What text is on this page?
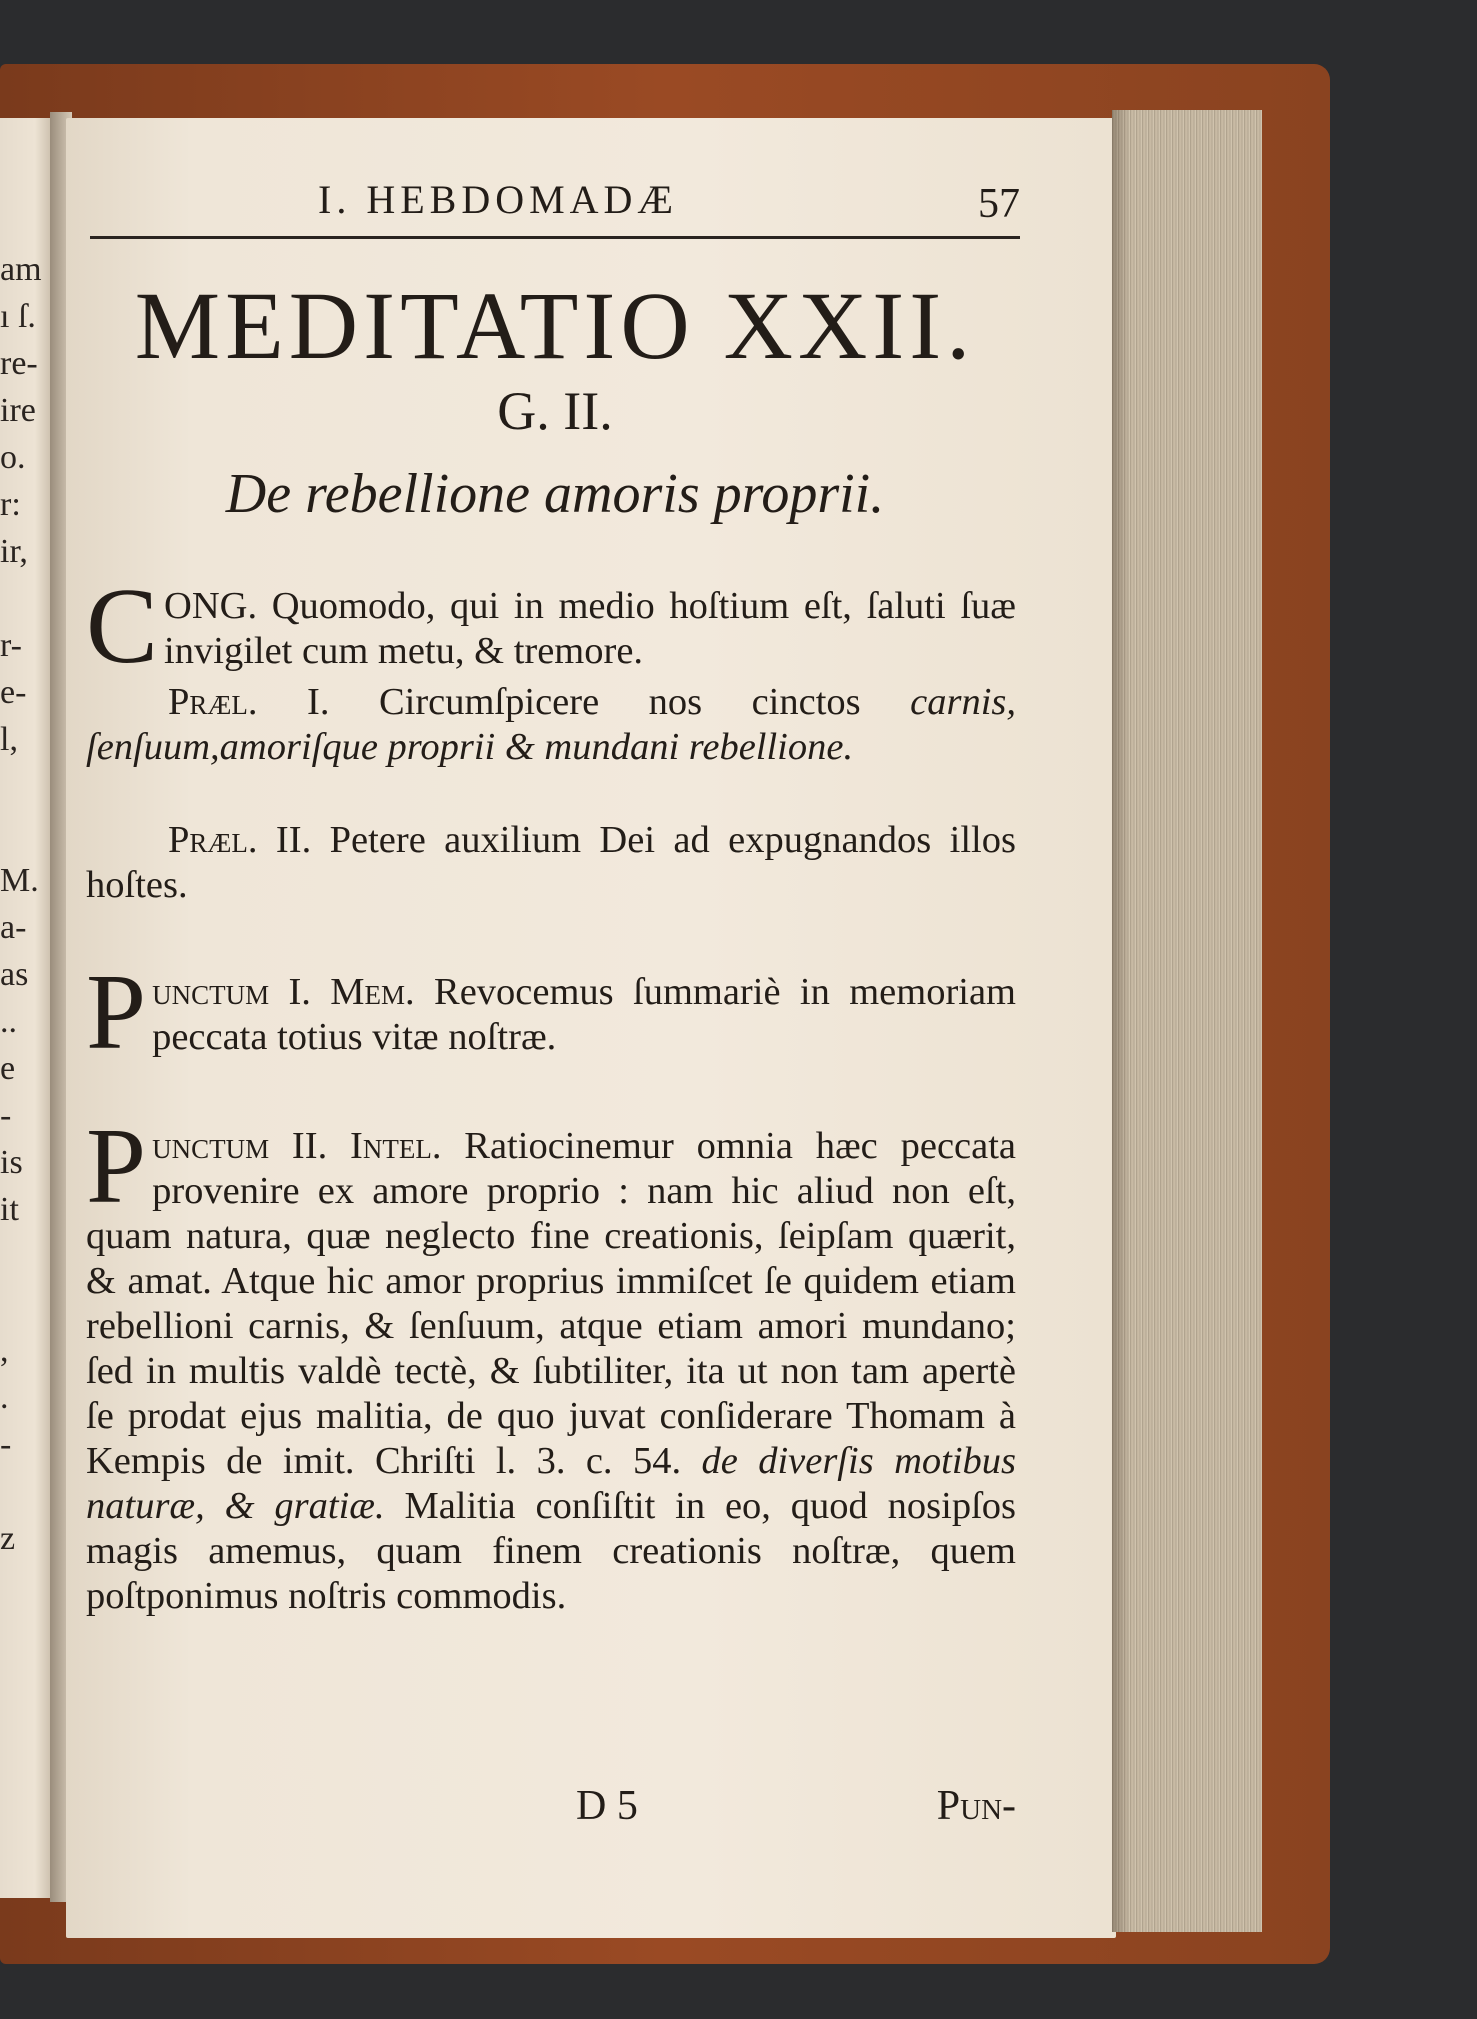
am
ı ſ.
re-
ire
o.
r:
ir,

r-
e-
l,

M.
a-
as
..
e
-
is
it

,
.
-

z
I. HEBDOMADÆ	57
MEDITATIO XXII.
G. II.
De rebellione amoris proprii.
C ONG. Quomodo, qui in medio hoſtium eſt, ſaluti ſuæ invigilet cum metu, & tremore.
Præl. I. Circumſpicere nos cinctos carnis, ſenſuum,amoriſque proprii & mundani rebellione.
Præl. II. Petere auxilium Dei ad expugnandos illos hoſtes.
P unctum I. Mem. Revocemus ſummariè in memoriam peccata totius vitæ noſtræ.
P unctum II. Intel. Ratiocinemur omnia hæc peccata provenire ex amore proprio : nam hic aliud non eſt, quam natura, quæ neglecto fine creationis, ſeipſam quærit, & amat. Atque hic amor proprius immiſcet ſe quidem etiam rebellioni carnis, & ſenſuum, atque etiam amori mundano; ſed in multis valdè tectè, & ſubtiliter, ita ut non tam apertè ſe prodat ejus malitia, de quo juvat conſiderare Thomam à Kempis de imit. Chriſti l. 3. c. 54. de diverſis motibus naturæ, & gratiæ. Malitia conſiſtit in eo, quod nosipſos magis amemus, quam finem creationis noſtræ, quem poſtponimus noſtris commodis.
D 5	Pun-
